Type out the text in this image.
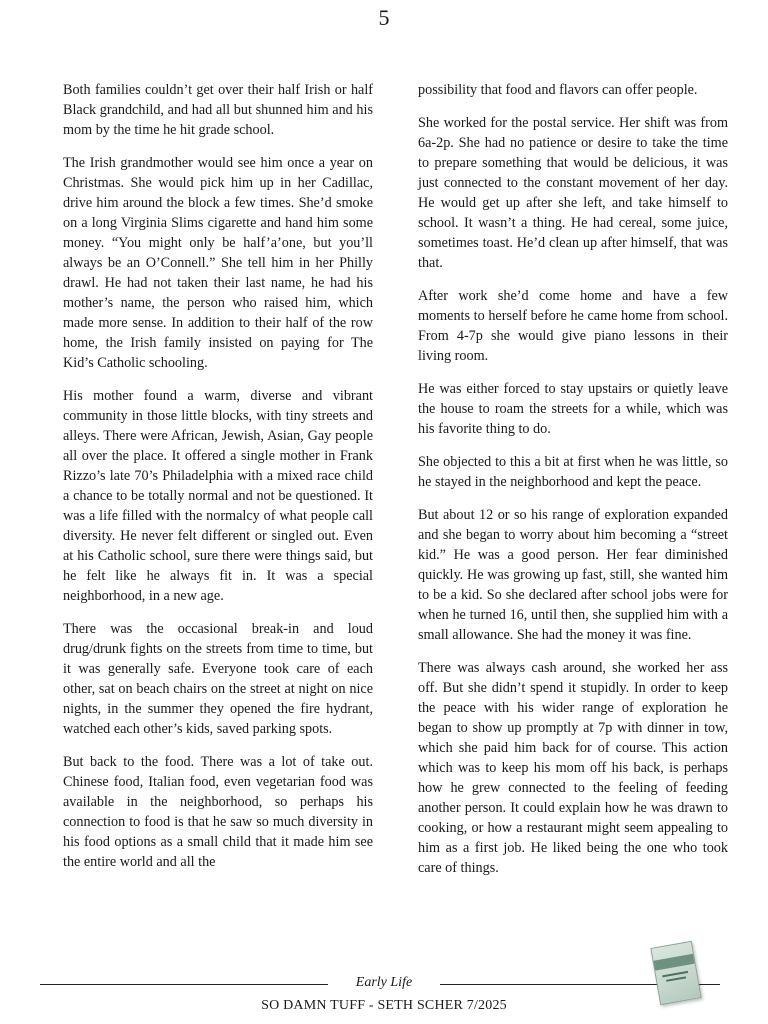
5

Both families couldn’t get over their half Irish or half Black grandchild, and had all but shunned him and his mom by the time he hit grade school.

The Irish grandmother would see him once a year on Christmas. She would pick him up in her Cadillac, drive him around the block a few times. She’d smoke on a long Virginia Slims cigarette and hand him some money. “You might only be half’a’one, but you’ll always be an O’Connell.” She tell him in her Philly drawl. He had not taken their last name, he had his mother’s name, the person who raised him, which made more sense. In addition to their half of the row home, the Irish family insisted on paying for The Kid’s Catholic schooling.

His mother found a warm, diverse and vibrant community in those little blocks, with tiny streets and alleys. There were African, Jewish, Asian, Gay people all over the place. It offered a single mother in Frank Rizzo’s late 70’s Philadelphia with a mixed race child a chance to be totally normal and not be questioned. It was a life filled with the normalcy of what people call diversity. He never felt different or singled out. Even at his Catholic school, sure there were things said, but he felt like he always fit in. It was a special neighborhood, in a new age.

There was the occasional break-in and loud drug/drunk fights on the streets from time to time, but it was generally safe. Everyone took care of each other, sat on beach chairs on the street at night on nice nights, in the summer they opened the fire hydrant, watched each other’s kids, saved parking spots.

But back to the food. There was a lot of take out. Chinese food, Italian food, even vegetarian food was available in the neighborhood, so perhaps his connection to food is that he saw so much diversity in his food options as a small child that it made him see the entire world and all the

possibility that food and flavors can offer people.

She worked for the postal service. Her shift was from 6a-2p. She had no patience or desire to take the time to prepare something that would be delicious, it was just connected to the constant movement of her day. He would get up after she left, and take himself to school. It wasn’t a thing. He had cereal, some juice, sometimes toast. He’d clean up after himself, that was that.

After work she’d come home and have a few moments to herself before he came home from school. From 4-7p she would give piano lessons in their living room.

He was either forced to stay upstairs or quietly leave the house to roam the streets for a while, which was his favorite thing to do.

She objected to this a bit at first when he was little, so he stayed in the neighborhood and kept the peace.

But about 12 or so his range of exploration expanded and she began to worry about him becoming a “street kid.” He was a good person. Her fear diminished quickly. He was growing up fast, still, she wanted him to be a kid. So she declared after school jobs were for when he turned 16, until then, she supplied him with a small allowance. She had the money it was fine.

There was always cash around, she worked her ass off. But she didn’t spend it stupidly. In order to keep the peace with his wider range of exploration he began to show up promptly at 7p with dinner in tow, which she paid him back for of course. This action which was to keep his mom off his back, is perhaps how he grew connected to the feeling of feeding another person. It could explain how he was drawn to cooking, or how a restaurant might seem appealing to him as a first job. He liked being the one who took care of things.

Early Life
SO DAMN TUFF - SETH SCHER 7/2025
